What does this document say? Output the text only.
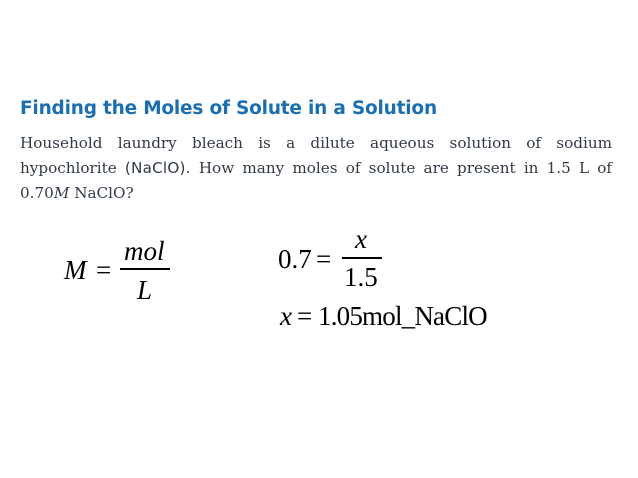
Finding the Moles of Solute in a Solution

Household laundry bleach is a dilute aqueous solution of sodium hypochlorite (NaClO). How many moles of solute are present in 1.5 L of 0.70M NaClO?

M =
mol
L
0.7 =
x
1.5
x = 1.05mol_NaClO
